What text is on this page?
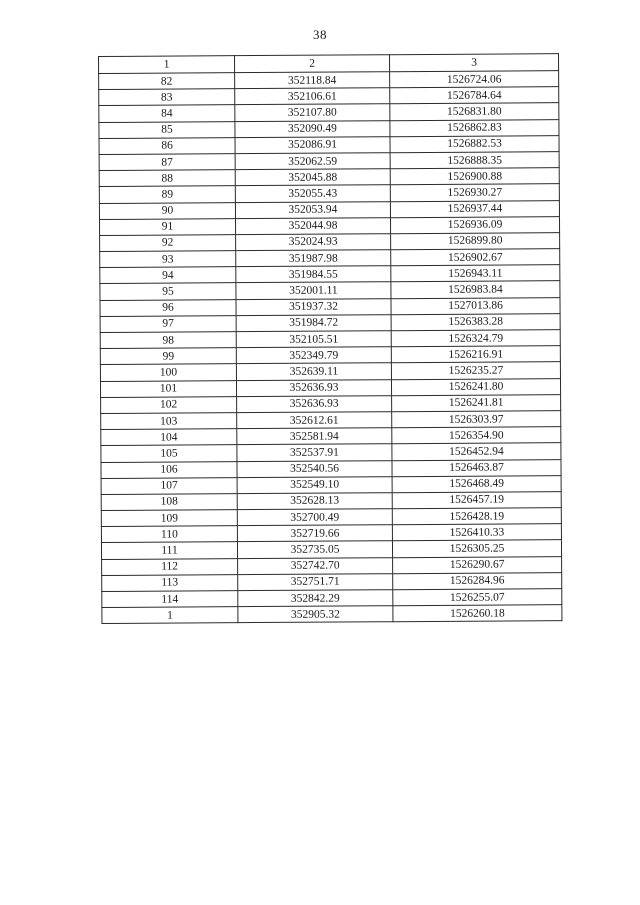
38
1	2	3
82	352118.84	1526724.06
83	352106.61	1526784.64
84	352107.80	1526831.80
85	352090.49	1526862.83
86	352086.91	1526882.53
87	352062.59	1526888.35
88	352045.88	1526900.88
89	352055.43	1526930.27
90	352053.94	1526937.44
91	352044.98	1526936.09
92	352024.93	1526899.80
93	351987.98	1526902.67
94	351984.55	1526943.11
95	352001.11	1526983.84
96	351937.32	1527013.86
97	351984.72	1526383.28
98	352105.51	1526324.79
99	352349.79	1526216.91
100	352639.11	1526235.27
101	352636.93	1526241.80
102	352636.93	1526241.81
103	352612.61	1526303.97
104	352581.94	1526354.90
105	352537.91	1526452.94
106	352540.56	1526463.87
107	352549.10	1526468.49
108	352628.13	1526457.19
109	352700.49	1526428.19
110	352719.66	1526410.33
111	352735.05	1526305.25
112	352742.70	1526290.67
113	352751.71	1526284.96
114	352842.29	1526255.07
1	352905.32	1526260.18
